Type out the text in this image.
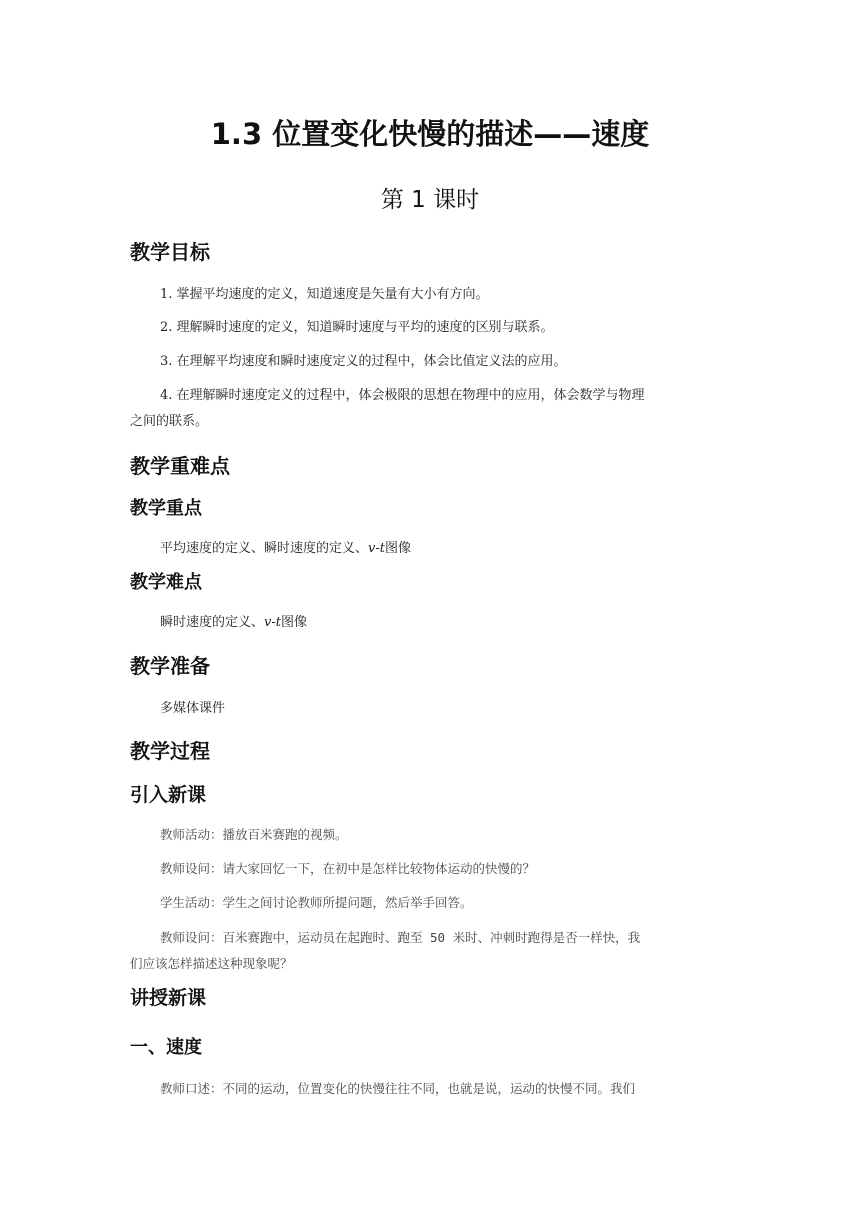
1.3 位置变化快慢的描述——速度
第 1 课时
教学目标

1. 掌握平均速度的定义，知道速度是矢量有大小有方向。

2. 理解瞬时速度的定义，知道瞬时速度与平均的速度的区别与联系。

3. 在理解平均速度和瞬时速度定义的过程中，体会比值定义法的应用。

4. 在理解瞬时速度定义的过程中，体会极限的思想在物理中的应用，体会数学与物理

之间的联系。

教学重难点
教学重点

平均速度的定义、瞬时速度的定义、v-t图像

教学难点

瞬时速度的定义、v-t图像

教学准备

多媒体课件

教学过程
引入新课

教师活动：播放百米赛跑的视频。

教师设问：请大家回忆一下，在初中是怎样比较物体运动的快慢的？

学生活动：学生之间讨论教师所提问题，然后举手回答。

教师设问：百米赛跑中，运动员在起跑时、跑至 50 米时、冲刺时跑得是否一样快，我

们应该怎样描述这种现象呢？

讲授新课
一、速度

教师口述：不同的运动，位置变化的快慢往往不同，也就是说，运动的快慢不同。我们
